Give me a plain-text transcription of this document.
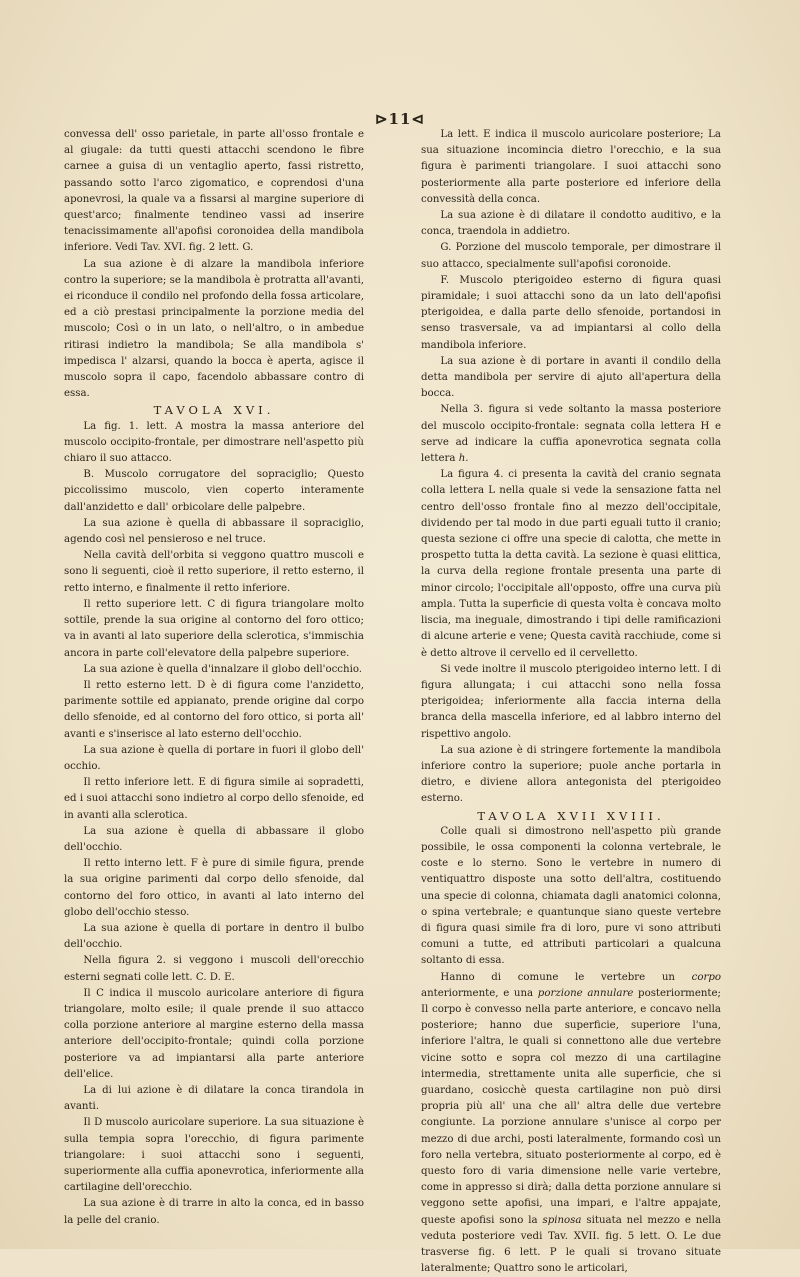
⊳11⊲

convessa dell' osso parietale, in parte all'osso frontale e al giugale: da tutti questi attacchi scendono le fibre carnee a guisa di un ventaglio aperto, fassi ristretto, passando sotto l'arco zigomatico, e coprendosi d'una aponevrosi, la quale va a fissarsi al margine superiore di quest'arco; finalmente tendineo vassi ad inserire tenacissimamente all'apofisi coronoidea della mandibola inferiore. Vedi Tav. XVI. fig. 2 lett. G.

La sua azione è di alzare la mandibola inferiore contro la superiore; se la mandibola è protratta all'avanti, ei riconduce il condilo nel profondo della fossa articolare, ed a ciò prestasi principalmente la porzione media del muscolo; Così o in un lato, o nell'altro, o in ambedue ritirasi indietro la mandibola; Se alla mandibola s' impedisca l' alzarsi, quando la bocca è aperta, agisce il muscolo sopra il capo, facendolo abbassare contro di essa.

TAVOLA XVI.

La fig. 1. lett. A mostra la massa anteriore del muscolo occipito-frontale, per dimostrare nell'aspetto più chiaro il suo attacco.

B. Muscolo corrugatore del sopraciglio; Questo piccolissimo muscolo, vien coperto interamente dall'anzidetto e dall' orbicolare delle palpebre.

La sua azione è quella di abbassare il sopraciglio, agendo così nel pensieroso e nel truce.

Nella cavità dell'orbita si veggono quattro muscoli e sono li seguenti, cioè il retto superiore, il retto esterno, il retto interno, e finalmente il retto inferiore.

Il retto superiore lett. C di figura triangolare molto sottile, prende la sua origine al contorno del foro ottico; va in avanti al lato superiore della sclerotica, s'immischia ancora in parte coll'elevatore della palpebre superiore.

La sua azione è quella d'innalzare il globo dell'occhio.

Il retto esterno lett. D è di figura come l'anzidetto, parimente sottile ed appianato, prende origine dal corpo dello sfenoide, ed al contorno del foro ottico, si porta all' avanti e s'inserisce al lato esterno dell'occhio.

La sua azione è quella di portare in fuori il globo dell' occhio.

Il retto inferiore lett. E di figura simile ai sopradetti, ed i suoi attacchi sono indietro al corpo dello sfenoide, ed in avanti alla sclerotica.

La sua azione è quella di abbassare il globo dell'occhio.

Il retto interno lett. F è pure di simile figura, prende la sua origine parimenti dal corpo dello sfenoide, dal contorno del foro ottico, in avanti al lato interno del globo dell'occhio stesso.

La sua azione è quella di portare in dentro il bulbo dell'occhio.

Nella figura 2. si veggono i muscoli dell'orecchio esterni segnati colle lett. C. D. E.

Il C indica il muscolo auricolare anteriore di figura triangolare, molto esile; il quale prende il suo attacco colla porzione anteriore al margine esterno della massa anteriore dell'occipito-frontale; quindi colla porzione posteriore va ad impiantarsi alla parte anteriore dell'elice.

La di lui azione è di dilatare la conca tirandola in avanti.

Il D muscolo auricolare superiore. La sua situazione è sulla tempia sopra l'orecchio, di figura parimente triangolare: i suoi attacchi sono i seguenti, superiormente alla cuffia aponevrotica, inferiormente alla cartilagine dell'orecchio.

La sua azione è di trarre in alto la conca, ed in basso la pelle del cranio.

La lett. E indica il muscolo auricolare posteriore; La sua situazione incomincia dietro l'orecchio, e la sua figura è parimenti triangolare. I suoi attacchi sono posteriormente alla parte posteriore ed inferiore della convessità della conca.

La sua azione è di dilatare il condotto auditivo, e la conca, traendola in addietro.

G. Porzione del muscolo temporale, per dimostrare il suo attacco, specialmente sull'apofisi coronoide.

F. Muscolo pterigoideo esterno di figura quasi piramidale; i suoi attacchi sono da un lato dell'apofisi pterigoidea, e dalla parte dello sfenoide, portandosi in senso trasversale, va ad impiantarsi al collo della mandibola inferiore.

La sua azione è di portare in avanti il condilo della detta mandibola per servire di ajuto all'apertura della bocca.

Nella 3. figura si vede soltanto la massa posteriore del muscolo occipito-frontale: segnata colla lettera H e serve ad indicare la cuffia aponevrotica segnata colla lettera h.

La figura 4. ci presenta la cavità del cranio segnata colla lettera L nella quale si vede la sensazione fatta nel centro dell'osso frontale fino al mezzo dell'occipitale, dividendo per tal modo in due parti eguali tutto il cranio; questa sezione ci offre una specie di calotta, che mette in prospetto tutta la detta cavità. La sezione è quasi elittica, la curva della regione frontale presenta una parte di minor circolo; l'occipitale all'opposto, offre una curva più ampla. Tutta la superficie di questa volta è concava molto liscia, ma ineguale, dimostrando i tipi delle ramificazioni di alcune arterie e vene; Questa cavità racchiude, come si è detto altrove il cervello ed il cervelletto.

Si vede inoltre il muscolo pterigoideo interno lett. I di figura allungata; i cui attacchi sono nella fossa pterigoidea; inferiormente alla faccia interna della branca della mascella inferiore, ed al labbro interno del rispettivo angolo.

La sua azione è di stringere fortemente la mandibola inferiore contro la superiore; puole anche portarla in dietro, e diviene allora antegonista del pterigoideo esterno.

TAVOLA XVII XVIII.

Colle quali si dimostrono nell'aspetto più grande possibile, le ossa componenti la colonna vertebrale, le coste e lo sterno. Sono le vertebre in numero di ventiquattro disposte una sotto dell'altra, costituendo una specie di colonna, chiamata dagli anatomici colonna, o spina vertebrale; e quantunque siano queste vertebre di figura quasi simile fra di loro, pure vi sono attributi comuni a tutte, ed attributi particolari a qualcuna soltanto di essa.

Hanno di comune le vertebre un corpo anteriormente, e una porzione annulare posteriormente; Il corpo è convesso nella parte anteriore, e concavo nella posteriore; hanno due superficie, superiore l'una, inferiore l'altra, le quali si connettono alle due vertebre vicine sotto e sopra col mezzo di una cartilagine intermedia, strettamente unita alle superficie, che si guardano, cosicchè questa cartilagine non può dirsi propria più all' una che all' altra delle due vertebre congiunte. La porzione annulare s'unisce al corpo per mezzo di due archi, posti lateralmente, formando così un foro nella vertebra, situato posteriormente al corpo, ed è questo foro di varia dimensione nelle varie vertebre, come in appresso si dirà; dalla detta porzione annulare si veggono sette apofisi, una impari, e l'altre appajate, queste apofisi sono la spinosa situata nel mezzo e nella veduta posteriore vedi Tav. XVII. fig. 5 lett. O. Le due trasverse fig. 6 lett. P le quali si trovano situate lateralmente; Quattro sono le articolari,
